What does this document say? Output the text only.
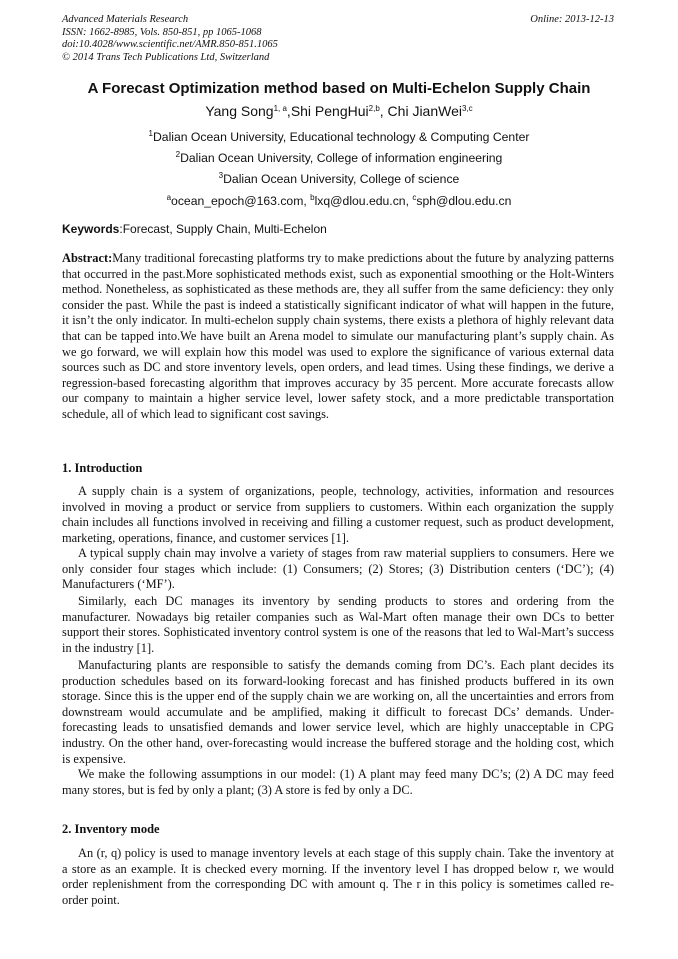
Advanced Materials Research
ISSN: 1662-8985, Vols. 850-851, pp 1065-1068
doi:10.4028/www.scientific.net/AMR.850-851.1065
© 2014 Trans Tech Publications Ltd, Switzerland
Online: 2013-12-13
A Forecast Optimization method based on Multi-Echelon Supply Chain
Yang Song$^{1, a}$,Shi PengHui$^{2,b}$, Chi JianWei$^{3,c}$
$^1$Dalian Ocean University, Educational technology & Computing Center
$^2$Dalian Ocean University, College of information engineering
$^3$Dalian Ocean University, College of science
$^a$ocean_epoch@163.com, $^b$lxq@dlou.edu.cn, $^c$sph@dlou.edu.cn
Keywords:Forecast, Supply Chain, Multi-Echelon

Abstract:Many traditional forecasting platforms try to make predictions about the future by analyzing patterns that occurred in the past.More sophisticated methods exist, such as exponential smoothing or the Holt-Winters method. Nonetheless, as sophisticated as these methods are, they all suffer from the same deficiency: they only consider the past. While the past is indeed a statistically significant indicator of what will happen in the future, it isn’t the only indicator. In multi-echelon supply chain systems, there exists a plethora of highly relevant data that can be tapped into.We have built an Arena model to simulate our manufacturing plant’s supply chain. As we go forward, we will explain how this model was used to explore the significance of various external data sources such as DC and store inventory levels, open orders, and lead times. Using these findings, we derive a regression-based forecasting algorithm that improves accuracy by 35 percent. More accurate forecasts allow our company to maintain a higher service level, lower safety stock, and a more predictable transportation schedule, all of which lead to significant cost savings.

1. Introduction

A supply chain is a system of organizations, people, technology, activities, information and resources involved in moving a product or service from suppliers to customers. Within each organization the supply chain includes all functions involved in receiving and filling a customer request, such as product development, marketing, operations, finance, and customer services [1].

A typical supply chain may involve a variety of stages from raw material suppliers to consumers. Here we only consider four stages which include: (1) Consumers; (2) Stores; (3) Distribution centers (‘DC’); (4) Manufacturers (‘MF’).

Similarly, each DC manages its inventory by sending products to stores and ordering from the manufacturer. Nowadays big retailer companies such as Wal-Mart often manage their own DCs to better support their stores. Sophisticated inventory control system is one of the reasons that led to Wal-Mart’s success in the industry [1].

Manufacturing plants are responsible to satisfy the demands coming from DC’s. Each plant decides its production schedules based on its forward-looking forecast and has finished products buffered in its own storage. Since this is the upper end of the supply chain we are working on, all the uncertainties and errors from downstream would accumulate and be amplified, making it difficult to forecast DCs’ demands. Under-forecasting leads to unsatisfied demands and lower service level, which are highly unacceptable in CPG industry. On the other hand, over-forecasting would increase the buffered storage and the holding cost, which is expensive.

We make the following assumptions in our model: (1) A plant may feed many DC’s; (2) A DC may feed many stores, but is fed by only a plant; (3) A store is fed by only a DC.

2. Inventory mode

An (r, q) policy is used to manage inventory levels at each stage of this supply chain. Take the inventory at a store as an example. It is checked every morning. If the inventory level I has dropped below r, we would order replenishment from the corresponding DC with amount q. The r in this policy is sometimes called re-order point.
